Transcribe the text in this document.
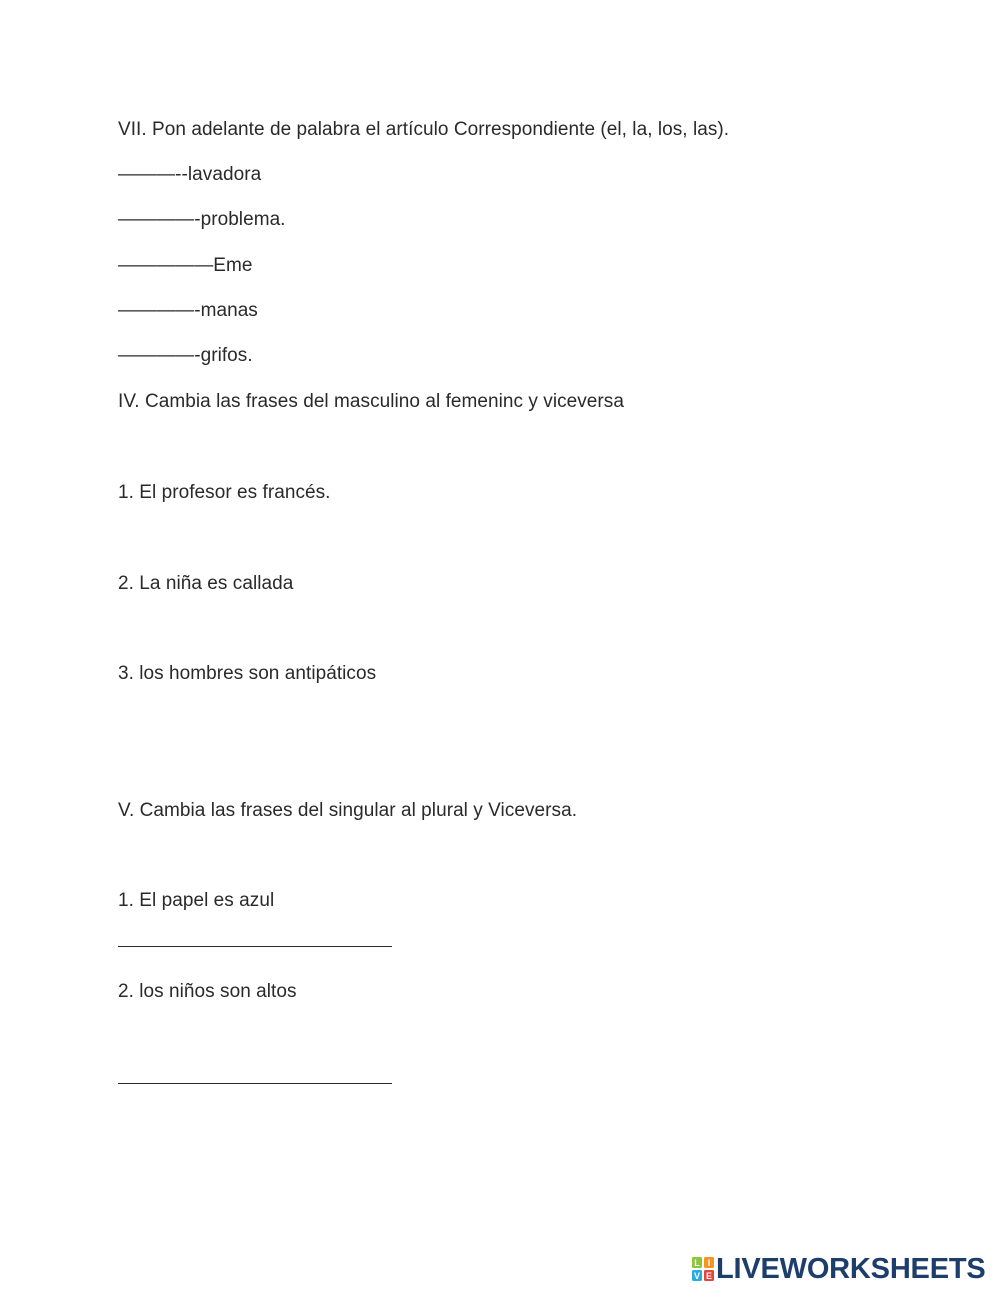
VII. Pon adelante de palabra el artículo Correspondiente (el, la, los, las).
———--lavadora
————-problema.
—————Eme
————-manas
————-grifos.
IV. Cambia las frases del masculino al femeninc y viceversa
1. El profesor es francés.
2. La niña es callada
3. los hombres son antipáticos
V. Cambia las frases del singular al plural y Viceversa.
1. El papel es azul
2. los niños son altos
L I
V E LIVEWORKSHEETS
